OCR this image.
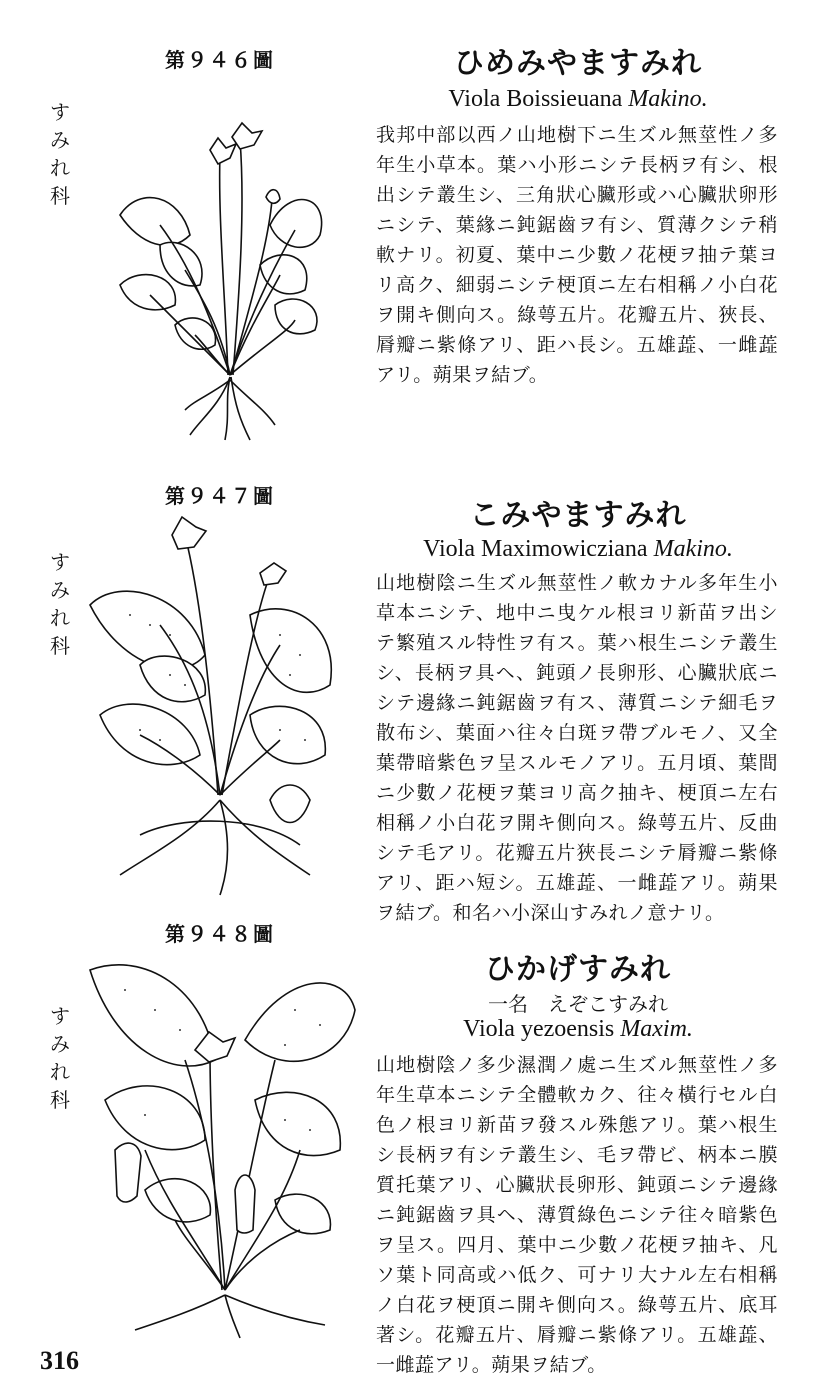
第９４６圖
す
み
れ
科
ひめみやますみれ
Viola Boissieuana Makino.
我邦中部以西ノ山地樹下ニ生ズル無莖性ノ多年生小草本。葉ハ小形ニシテ長柄ヲ有シ、根出シテ叢生シ、三角狀心臟形或ハ心臟狀卵形ニシテ、葉緣ニ鈍鋸齒ヲ有シ、質薄クシテ稍軟ナリ。初夏、葉中ニ少數ノ花梗ヲ抽テ葉ヨリ高ク、細弱ニシテ梗頂ニ左右相稱ノ小白花ヲ開キ側向ス。綠萼五片。花瓣五片、狹長、脣瓣ニ紫條アリ、距ハ長シ。五雄蕋、一雌蕋アリ。蒴果ヲ結ブ。
第９４７圖
す
み
れ
科
こみやますみれ
Viola Maximowicziana Makino.
山地樹陰ニ生ズル無莖性ノ軟カナル多年生小草本ニシテ、地中ニ曳ケル根ヨリ新苗ヲ出シテ繁殖スル特性ヲ有ス。葉ハ根生ニシテ叢生シ、長柄ヲ具ヘ、鈍頭ノ長卵形、心臟狀底ニシテ邊緣ニ鈍鋸齒ヲ有ス、薄質ニシテ細毛ヲ散布シ、葉面ハ往々白斑ヲ帶ブルモノ、又全葉帶暗紫色ヲ呈スルモノアリ。五月頃、葉間ニ少數ノ花梗ヲ葉ヨリ高ク抽キ、梗頂ニ左右相稱ノ小白花ヲ開キ側向ス。綠萼五片、反曲シテ毛アリ。花瓣五片狹長ニシテ脣瓣ニ紫條アリ、距ハ短シ。五雄蕋、一雌蕋アリ。蒴果ヲ結ブ。和名ハ小深山すみれノ意ナリ。
第９４８圖
す
み
れ
科
ひかげすみれ
一名　えぞこすみれ
Viola yezoensis Maxim.
山地樹陰ノ多少濕潤ノ處ニ生ズル無莖性ノ多年生草本ニシテ全體軟カク、往々橫行セル白色ノ根ヨリ新苗ヲ發スル殊態アリ。葉ハ根生シ長柄ヲ有シテ叢生シ、毛ヲ帶ビ、柄本ニ膜質托葉アリ、心臟狀長卵形、鈍頭ニシテ邊緣ニ鈍鋸齒ヲ具ヘ、薄質綠色ニシテ往々暗紫色ヲ呈ス。四月、葉中ニ少數ノ花梗ヲ抽キ、凡ソ葉ト同高或ハ低ク、可ナリ大ナル左右相稱ノ白花ヲ梗頂ニ開キ側向ス。綠萼五片、底耳著シ。花瓣五片、脣瓣ニ紫條アリ。五雄蕋、一雌蕋アリ。蒴果ヲ結ブ。
316
